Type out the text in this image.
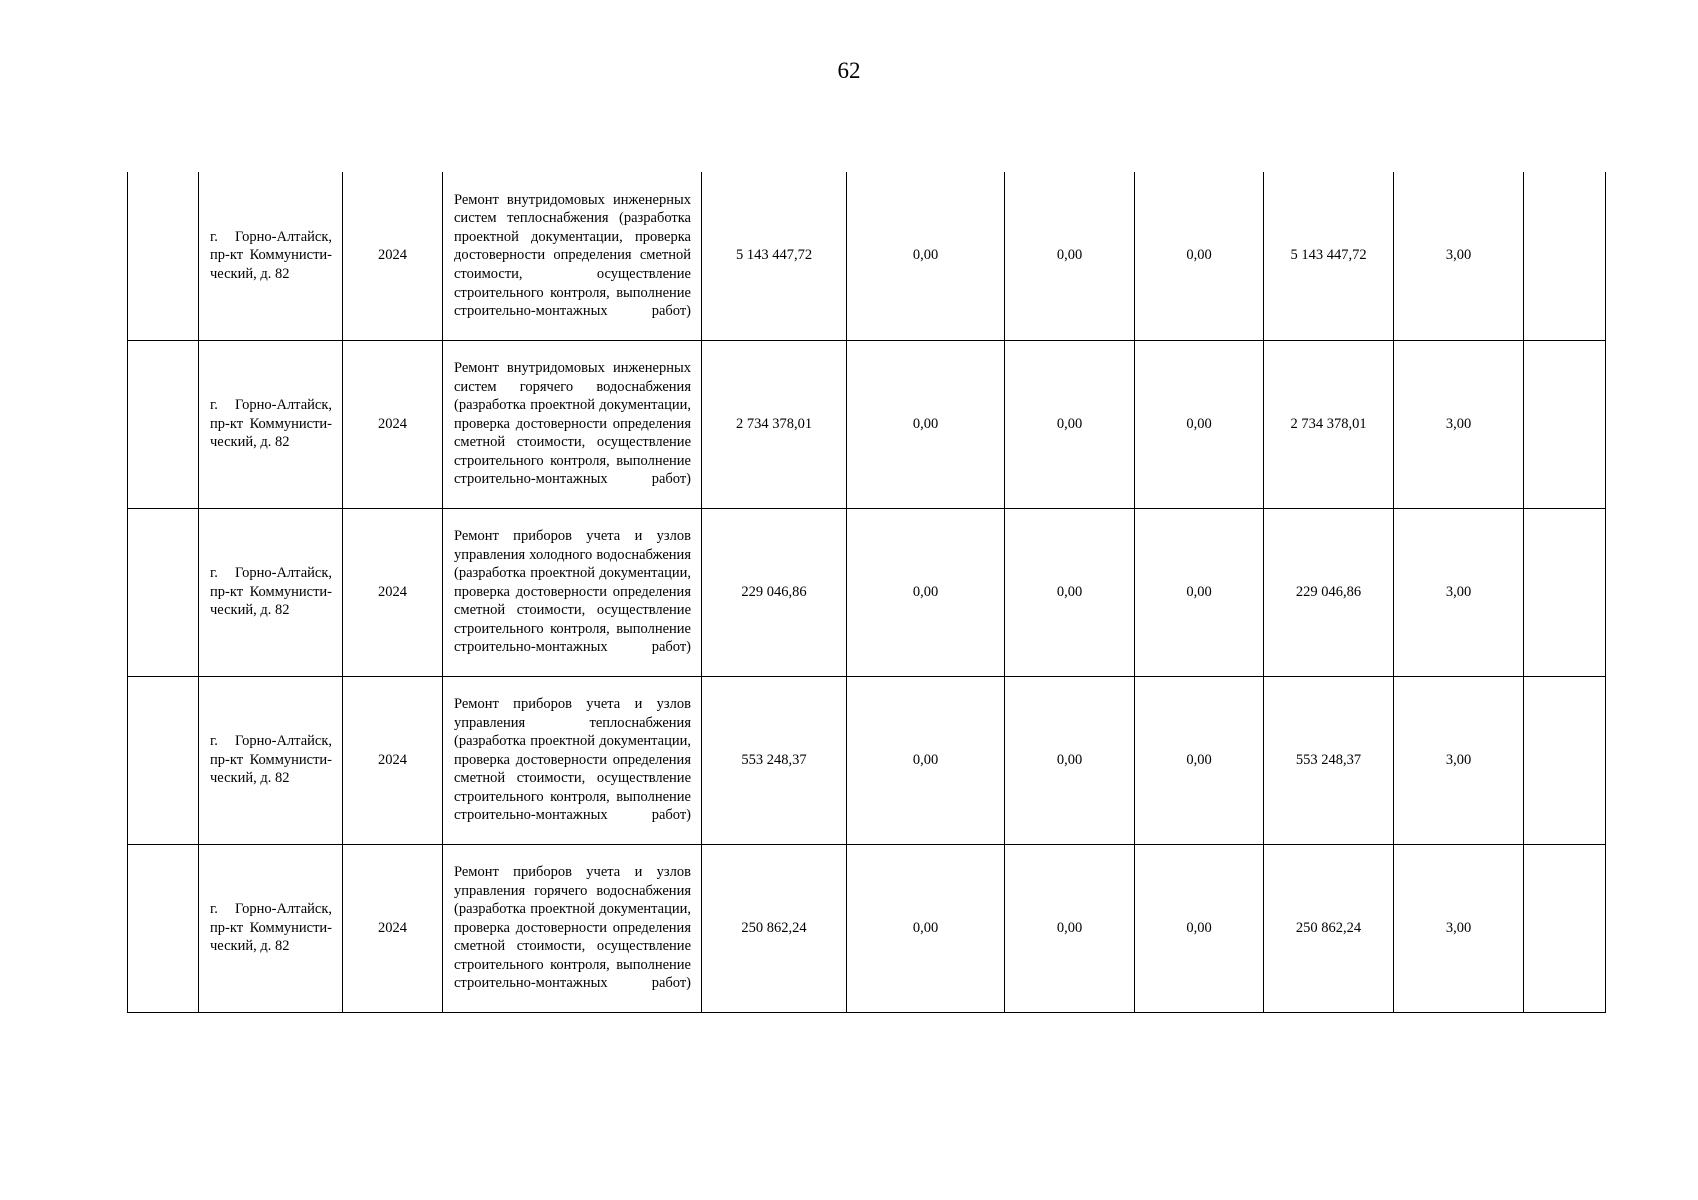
62
	г. Горно-Алтайск, пр-кт Коммунисти-ческий, д. 82	2024	Ремонт внутридомовых инженерных систем теплоснабжения (разработка проектной документации, проверка достоверности определения сметной стоимости, осуществление строительного контроля, выполнение строительно-монтажных работ)	5 143 447,72	0,00	0,00	0,00	5 143 447,72	3,00	
	г. Горно-Алтайск, пр-кт Коммунисти-ческий, д. 82	2024	Ремонт внутридомовых инженерных систем горячего водоснабжения (разработка проектной документации, проверка достоверности определения сметной стоимости, осуществление строительного контроля, выполнение строительно-монтажных работ)	2 734 378,01	0,00	0,00	0,00	2 734 378,01	3,00	
	г. Горно-Алтайск, пр-кт Коммунисти-ческий, д. 82	2024	Ремонт приборов учета и узлов управления холодного водоснабжения (разработка проектной документации, проверка достоверности определения сметной стоимости, осуществление строительного контроля, выполнение строительно-монтажных работ)	229 046,86	0,00	0,00	0,00	229 046,86	3,00	
	г. Горно-Алтайск, пр-кт Коммунисти-ческий, д. 82	2024	Ремонт приборов учета и узлов управления теплоснабжения (разработка проектной документации, проверка достоверности определения сметной стоимости, осуществление строительного контроля, выполнение строительно-монтажных работ)	553 248,37	0,00	0,00	0,00	553 248,37	3,00	
	г. Горно-Алтайск, пр-кт Коммунисти-ческий, д. 82	2024	Ремонт приборов учета и узлов управления горячего водоснабжения (разработка проектной документации, проверка достоверности определения сметной стоимости, осуществление строительного контроля, выполнение строительно-монтажных работ)	250 862,24	0,00	0,00	0,00	250 862,24	3,00	
